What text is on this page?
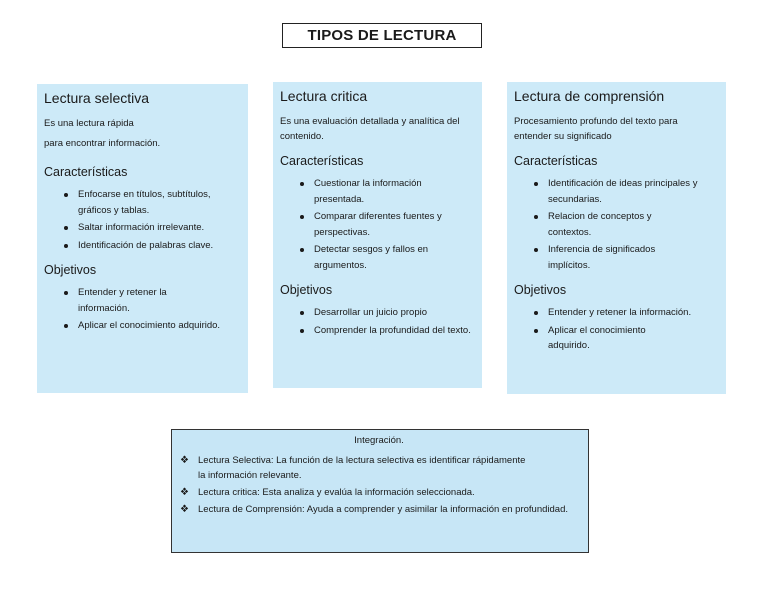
TIPOS DE LECTURA
Lectura selectiva
Es una lectura rápida
para encontrar información.
Características
Enfocarse en títulos, subtítulos, gráficos y tablas.
Saltar información irrelevante.
Identificación de palabras clave.
Objetivos
Entender y retener la información.
Aplicar el conocimiento adquirido.
Lectura critica
Es una evaluación detallada y analítica del contenido.
Características
Cuestionar la información presentada.
Comparar diferentes fuentes y perspectivas.
Detectar sesgos y fallos en argumentos.
Objetivos
Desarrollar un juicio propio
Comprender la profundidad del texto.
Lectura de comprensión
Procesamiento profundo del texto para entender su significado
Características
Identificación de ideas principales y secundarias.
Relacion de conceptos y contextos.
Inferencia de significados implícitos.
Objetivos
Entender y retener la información.
Aplicar el conocimiento adquirido.
Integración.
❖ Lectura Selectiva: La función de la lectura selectiva es identificar rápidamente la información relevante.
❖ Lectura critica: Esta analiza y evalúa la información seleccionada.
❖ Lectura de Comprensión: Ayuda a comprender y asimilar la información en profundidad.
